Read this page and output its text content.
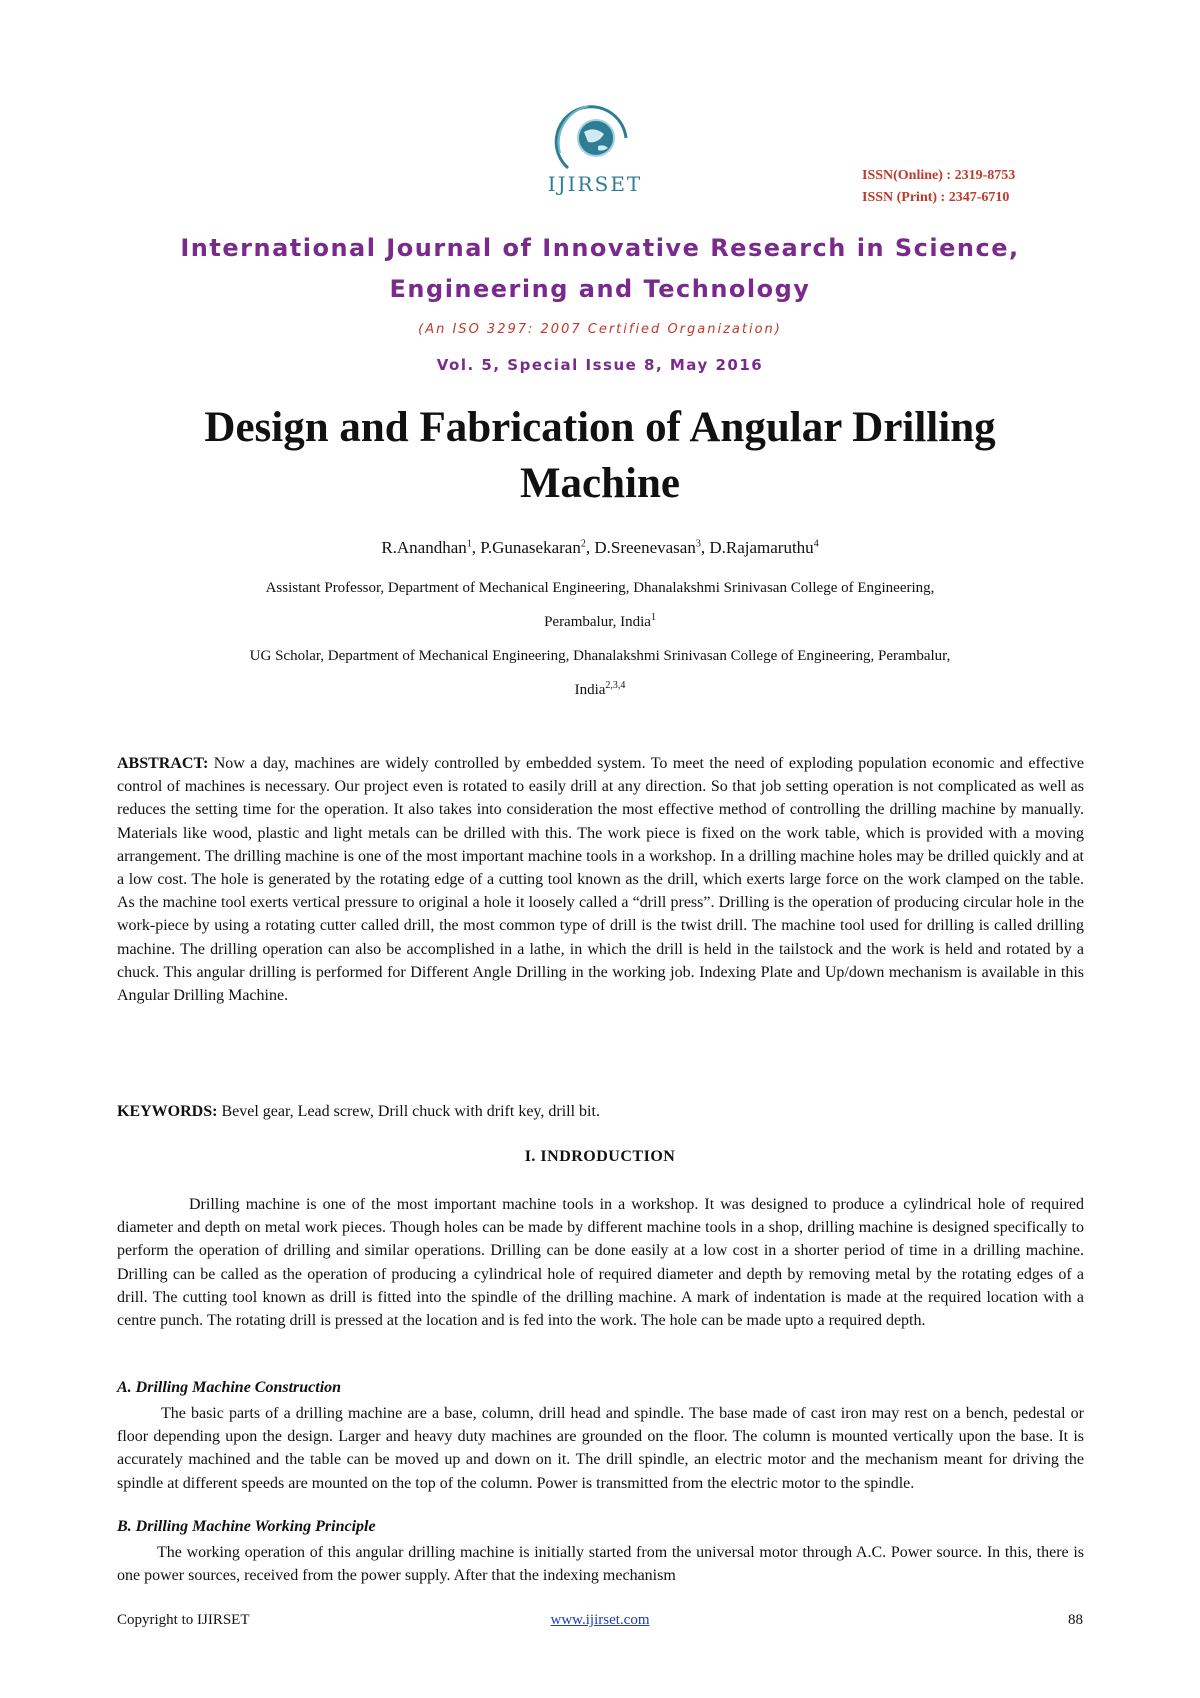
IJIRSET	ISSN(Online) : 2319-8753
ISSN (Print) : 2347-6710
International Journal of Innovative Research in Science,
Engineering and Technology
(An ISO 3297: 2007 Certified Organization)
Vol. 5, Special Issue 8, May 2016
Design and Fabrication of Angular Drilling
Machine
R.Anandhan$^1$, P.Gunasekaran$^2$, D.Sreenevasan$^3$, D.Rajamaruthu$^4$
Assistant Professor, Department of Mechanical Engineering, Dhanalakshmi Srinivasan College of Engineering,
Perambalur, India$^1$
UG Scholar, Department of Mechanical Engineering, Dhanalakshmi Srinivasan College of Engineering, Perambalur,
India$^{2,3,4}$

ABSTRACT: Now a day, machines are widely controlled by embedded system. To meet the need of exploding population economic and effective control of machines is necessary. Our project even is rotated to easily drill at any direction. So that job setting operation is not complicated as well as reduces the setting time for the operation. It also takes into consideration the most effective method of controlling the drilling machine by manually. Materials like wood, plastic and light metals can be drilled with this. The work piece is fixed on the work table, which is provided with a moving arrangement. The drilling machine is one of the most important machine tools in a workshop. In a drilling machine holes may be drilled quickly and at a low cost. The hole is generated by the rotating edge of a cutting tool known as the drill, which exerts large force on the work clamped on the table. As the machine tool exerts vertical pressure to original a hole it loosely called a “drill press”. Drilling is the operation of producing circular hole in the work-piece by using a rotating cutter called drill, the most common type of drill is the twist drill. The machine tool used for drilling is called drilling machine. The drilling operation can also be accomplished in a lathe, in which the drill is held in the tailstock and the work is held and rotated by a chuck. This angular drilling is performed for Different Angle Drilling in the working job. Indexing Plate and Up/down mechanism is available in this Angular Drilling Machine.

KEYWORDS: Bevel gear, Lead screw, Drill chuck with drift key, drill bit.

I. INDRODUCTION

Drilling machine is one of the most important machine tools in a workshop. It was designed to produce a cylindrical hole of required diameter and depth on metal work pieces. Though holes can be made by different machine tools in a shop, drilling machine is designed specifically to perform the operation of drilling and similar operations. Drilling can be done easily at a low cost in a shorter period of time in a drilling machine. Drilling can be called as the operation of producing a cylindrical hole of required diameter and depth by removing metal by the rotating edges of a drill. The cutting tool known as drill is fitted into the spindle of the drilling machine. A mark of indentation is made at the required location with a centre punch. The rotating drill is pressed at the location and is fed into the work. The hole can be made upto a required depth.

A. Drilling Machine Construction

The basic parts of a drilling machine are a base, column, drill head and spindle. The base made of cast iron may rest on a bench, pedestal or floor depending upon the design. Larger and heavy duty machines are grounded on the floor. The column is mounted vertically upon the base. It is accurately machined and the table can be moved up and down on it. The drill spindle, an electric motor and the mechanism meant for driving the spindle at different speeds are mounted on the top of the column. Power is transmitted from the electric motor to the spindle.

B. Drilling Machine Working Principle

The working operation of this angular drilling machine is initially started from the universal motor through A.C. Power source. In this, there is one power sources, received from the power supply. After that the indexing mechanism

Copyright to IJIRSET	www.ijirset.com	88
